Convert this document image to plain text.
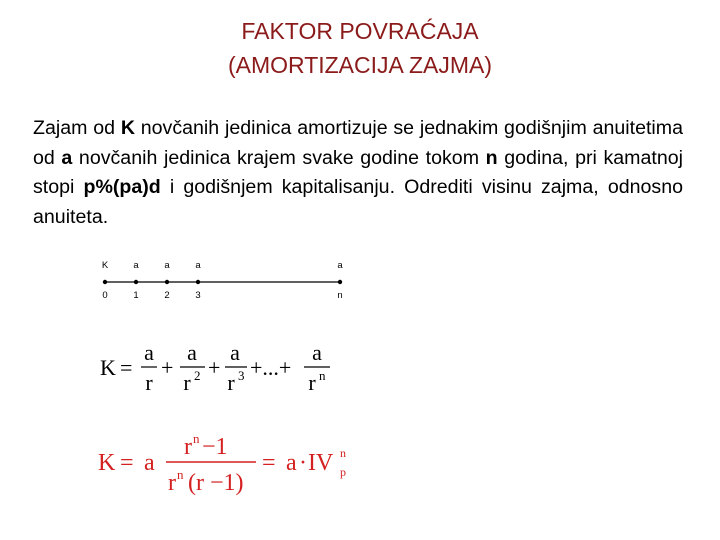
FAKTOR POVRAĆAJA
(AMORTIZACIJA ZAJMA)
Zajam od K novčanih jedinica amortizuje se jednakim godišnjim anuitetima od a novčanih jedinica krajem svake godine tokom n godina, pri kamatnoj stopi p%(pa)d i godišnjem kapitalisanju. Odrediti visinu zajma, odnosno anuiteta.
K	a	a	a	a
0	1	2	3	n
K =
a
r
+
a
r 2 +
a
r 3 +...+
a
r n
K = a
r n −1
r n (r −1)
= a · IV n
p
